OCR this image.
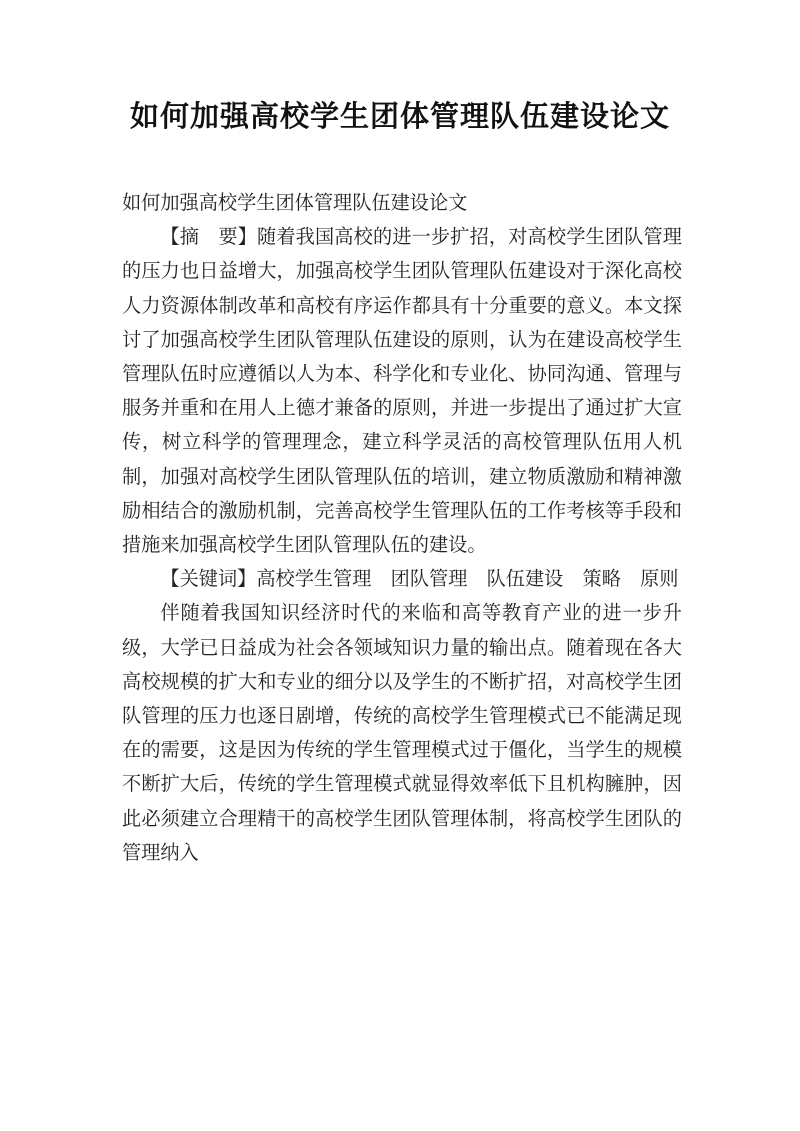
如何加强高校学生团体管理队伍建设论文

如何加强高校学生团体管理队伍建设论文

【摘　要】随着我国高校的进一步扩招，对高校学生团队管理的压力也日益增大，加强高校学生团队管理队伍建设对于深化高校人力资源体制改革和高校有序运作都具有十分重要的意义。本文探讨了加强高校学生团队管理队伍建设的原则，认为在建设高校学生管理队伍时应遵循以人为本、科学化和专业化、协同沟通、管理与服务并重和在用人上德才兼备的原则，并进一步提出了通过扩大宣传，树立科学的管理理念，建立科学灵活的高校管理队伍用人机制，加强对高校学生团队管理队伍的培训，建立物质激励和精神激励相结合的激励机制，完善高校学生管理队伍的工作考核等手段和措施来加强高校学生团队管理队伍的建设。

【关键词】高校学生管理　团队管理　队伍建设　策略　原则

伴随着我国知识经济时代的来临和高等教育产业的进一步升级，大学已日益成为社会各领域知识力量的输出点。随着现在各大高校规模的扩大和专业的细分以及学生的不断扩招，对高校学生团队管理的压力也逐日剧增，传统的高校学生管理模式已不能满足现在的需要，这是因为传统的学生管理模式过于僵化，当学生的规模不断扩大后，传统的学生管理模式就显得效率低下且机构臃肿，因此必须建立合理精干的高校学生团队管理体制，将高校学生团队的管理纳入
